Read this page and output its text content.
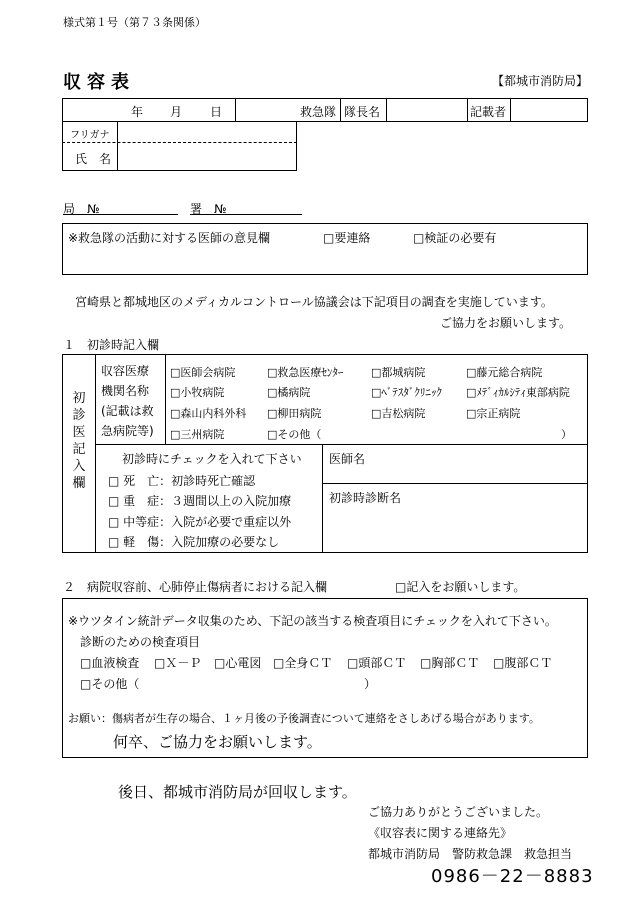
様式第１号（第７３条関係）
収容表	【都城市消防局】
年 月 日	救急隊 隊長名	記載者
フリガナ
氏　名
局　№	署　№
※救急隊の活動に対する医師の意見欄	□要連絡	□検証の必要有
宮崎県と都城地区のメディカルコントロール協議会は下記項目の調査を実施しています。
ご協力をお願いします。
１　初診時記入欄
初
診
医
記
入
欄
収容医療
機関名称
(記載は救
急病院等)
□医師会病院	□救急医療ｾﾝﾀｰ	□都城病院	□藤元総合病院
□小牧病院	□橘病院	□ﾍﾞﾃｽﾀﾞｸﾘﾆｯｸ □ﾒﾃﾞｨｶﾙｼﾃｨ東部病院
□森山内科外科 □柳田病院	□吉松病院	□宗正病院
□三州病院	□その他（	）
初診時にチェックを入れて下さい
□ 死　亡：初診時死亡確認
□ 重　症：３週間以上の入院加療
□ 中等症：入院が必要で重症以外
□ 軽　傷：入院加療の必要なし
医師名
初診時診断名
２　病院収容前、心肺停止傷病者における記入欄	□記入をお願いします。
※ウツタイン統計データ収集のため、下記の該当する検査項目にチェックを入れて下さい。
診断のための検査項目
□血液検査 □Ｘ－Ｐ □心電図 □全身ＣＴ □頭部ＣＴ □胸部ＣＴ □腹部ＣＴ
□その他（	）
お願い：傷病者が生存の場合、１ヶ月後の予後調査について連絡をさしあげる場合があります。
何卒、ご協力をお願いします。
後日、都城市消防局が回収します。
ご協力ありがとうございました。
《収容表に関する連絡先》
都城市消防局　警防救急課　救急担当
0986－22－8883
